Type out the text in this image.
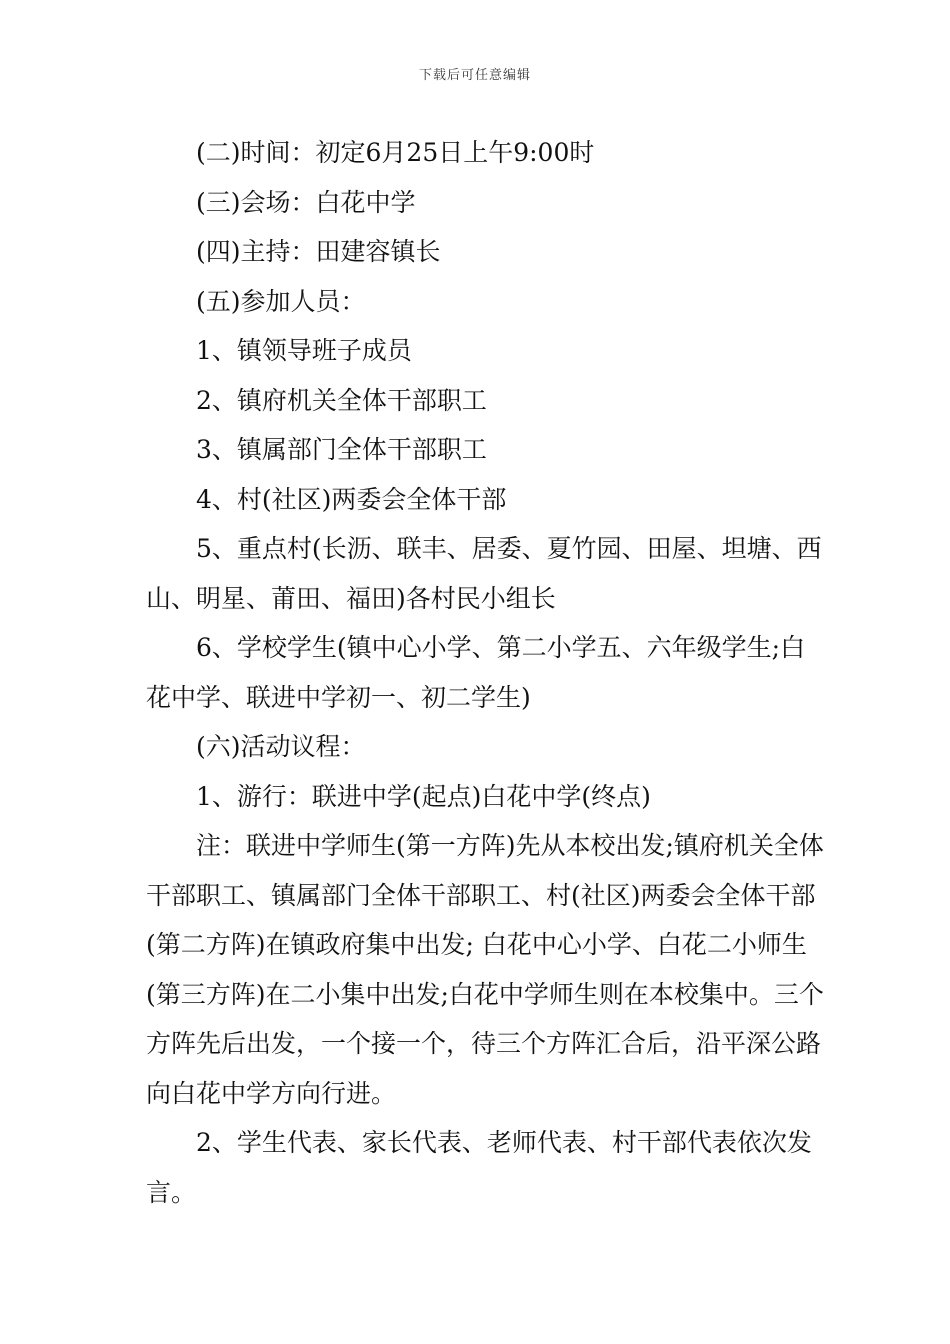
下载后可任意编辑

(二)时间：初定6月25日上午9:00时

(三)会场：白花中学

(四)主持：田建容镇长

(五)参加人员：

1、镇领导班子成员

2、镇府机关全体干部职工

3、镇属部门全体干部职工

4、村(社区)两委会全体干部

5、重点村(长沥、联丰、居委、夏竹园、田屋、坦塘、西山、明星、莆田、福田)各村民小组长

6、学校学生(镇中心小学、第二小学五、六年级学生;白花中学、联进中学初一、初二学生)

(六)活动议程：

1、游行：联进中学(起点)白花中学(终点)

注：联进中学师生(第一方阵)先从本校出发;镇府机关全体干部职工、镇属部门全体干部职工、村(社区)两委会全体干部(第二方阵)在镇政府集中出发; 白花中心小学、白花二小师生(第三方阵)在二小集中出发;白花中学师生则在本校集中。三个方阵先后出发，一个接一个，待三个方阵汇合后，沿平深公路向白花中学方向行进。

2、学生代表、家长代表、老师代表、村干部代表依次发言。
